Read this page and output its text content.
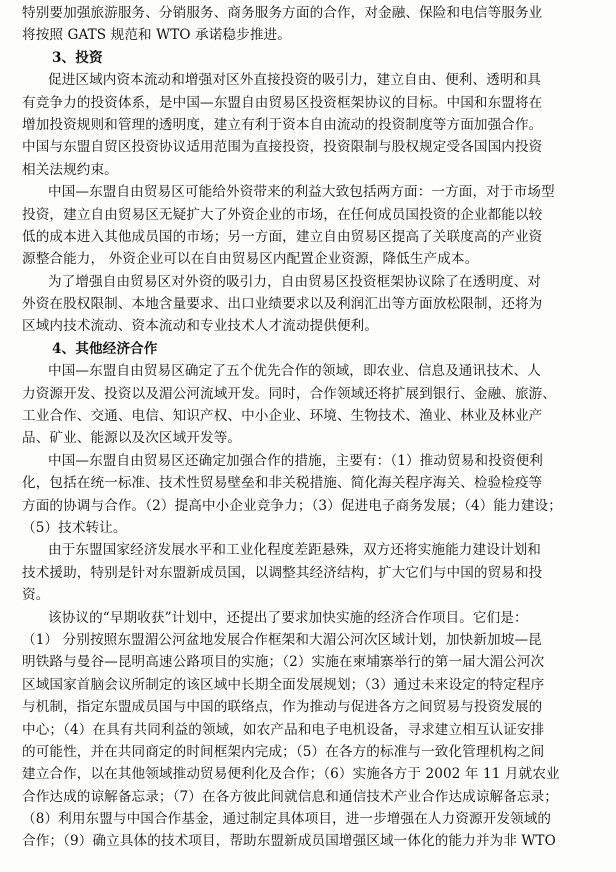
特别要加强旅游服务、分销服务、商务服务方面的合作，对金融、保险和电信等服务业
将按照 GATS 规范和 WTO 承诺稳步推进。
3、投资
促进区域内资本流动和增强对区外直接投资的吸引力，建立自由、便利、透明和具
有竞争力的投资体系，是中国—东盟自由贸易区投资框架协议的目标。中国和东盟将在
增加投资规则和管理的透明度，建立有利于资本自由流动的投资制度等方面加强合作。
中国与东盟自贸区投资协议适用范围为直接投资，投资限制与股权规定受各国国内投资
相关法规约束。
中国—东盟自由贸易区可能给外资带来的利益大致包括两方面：一方面，对于市场型
投资，建立自由贸易区无疑扩大了外资企业的市场，在任何成员国投资的企业都能以较
低的成本进入其他成员国的市场；另一方面，建立自由贸易区提高了关联度高的产业资
源整合能力， 外资企业可以在自由贸易区内配置企业资源，降低生产成本。
为了增强自由贸易区对外资的吸引力，自由贸易区投资框架协议除了在透明度、对
外资在股权限制、本地含量要求、出口业绩要求以及利润汇出等方面放松限制，还将为
区域内技术流动、资本流动和专业技术人才流动提供便利。
4、其他经济合作
中国—东盟自由贸易区确定了五个优先合作的领域，即农业、信息及通讯技术、人
力资源开发、投资以及湄公河流域开发。同时，合作领域还将扩展到银行、金融、旅游、
工业合作、交通、电信、知识产权、中小企业、环境、生物技术、渔业、林业及林业产
品、矿业、能源以及次区域开发等。
中国—东盟自由贸易区还确定加强合作的措施，主要有：（1）推动贸易和投资便利
化，包括在统一标准、技术性贸易壁垒和非关税措施、简化海关程序海关、检验检疫等
方面的协调与合作。（2）提高中小企业竞争力；（3）促进电子商务发展；（4）能力建设；
（5）技术转让。
由于东盟国家经济发展水平和工业化程度差距悬殊，双方还将实施能力建设计划和
技术援助，特别是针对东盟新成员国，以调整其经济结构，扩大它们与中国的贸易和投
资。
该协议的“早期收获”计划中，还提出了要求加快实施的经济合作项目。它们是：
（1） 分别按照东盟湄公河盆地发展合作框架和大湄公河次区域计划，加快新加坡—昆
明铁路与曼谷—昆明高速公路项目的实施；（2）实施在柬埔寨举行的第一届大湄公河次
区域国家首脑会议所制定的该区域中长期全面发展规划；（3）通过未来设定的特定程序
与机制，指定东盟成员国与中国的联络点，作为推动与促进各方之间贸易与投资发展的
中心；（4）在具有共同利益的领域，如农产品和电子电机设备，寻求建立相互认证安排
的可能性，并在共同商定的时间框架内完成；（5）在各方的标准与一致化管理机构之间
建立合作，以在其他领域推动贸易便利化及合作；（6）实施各方于 2002 年 11 月就农业
合作达成的谅解备忘录；（7）在各方彼此间就信息和通信技术产业合作达成谅解备忘录；
（8）利用东盟与中国合作基金，通过制定具体项目，进一步增强在人力资源开发领域的
合作；（9）确立具体的技术项目，帮助东盟新成员国增强区域一体化的能力并为非 WTO
